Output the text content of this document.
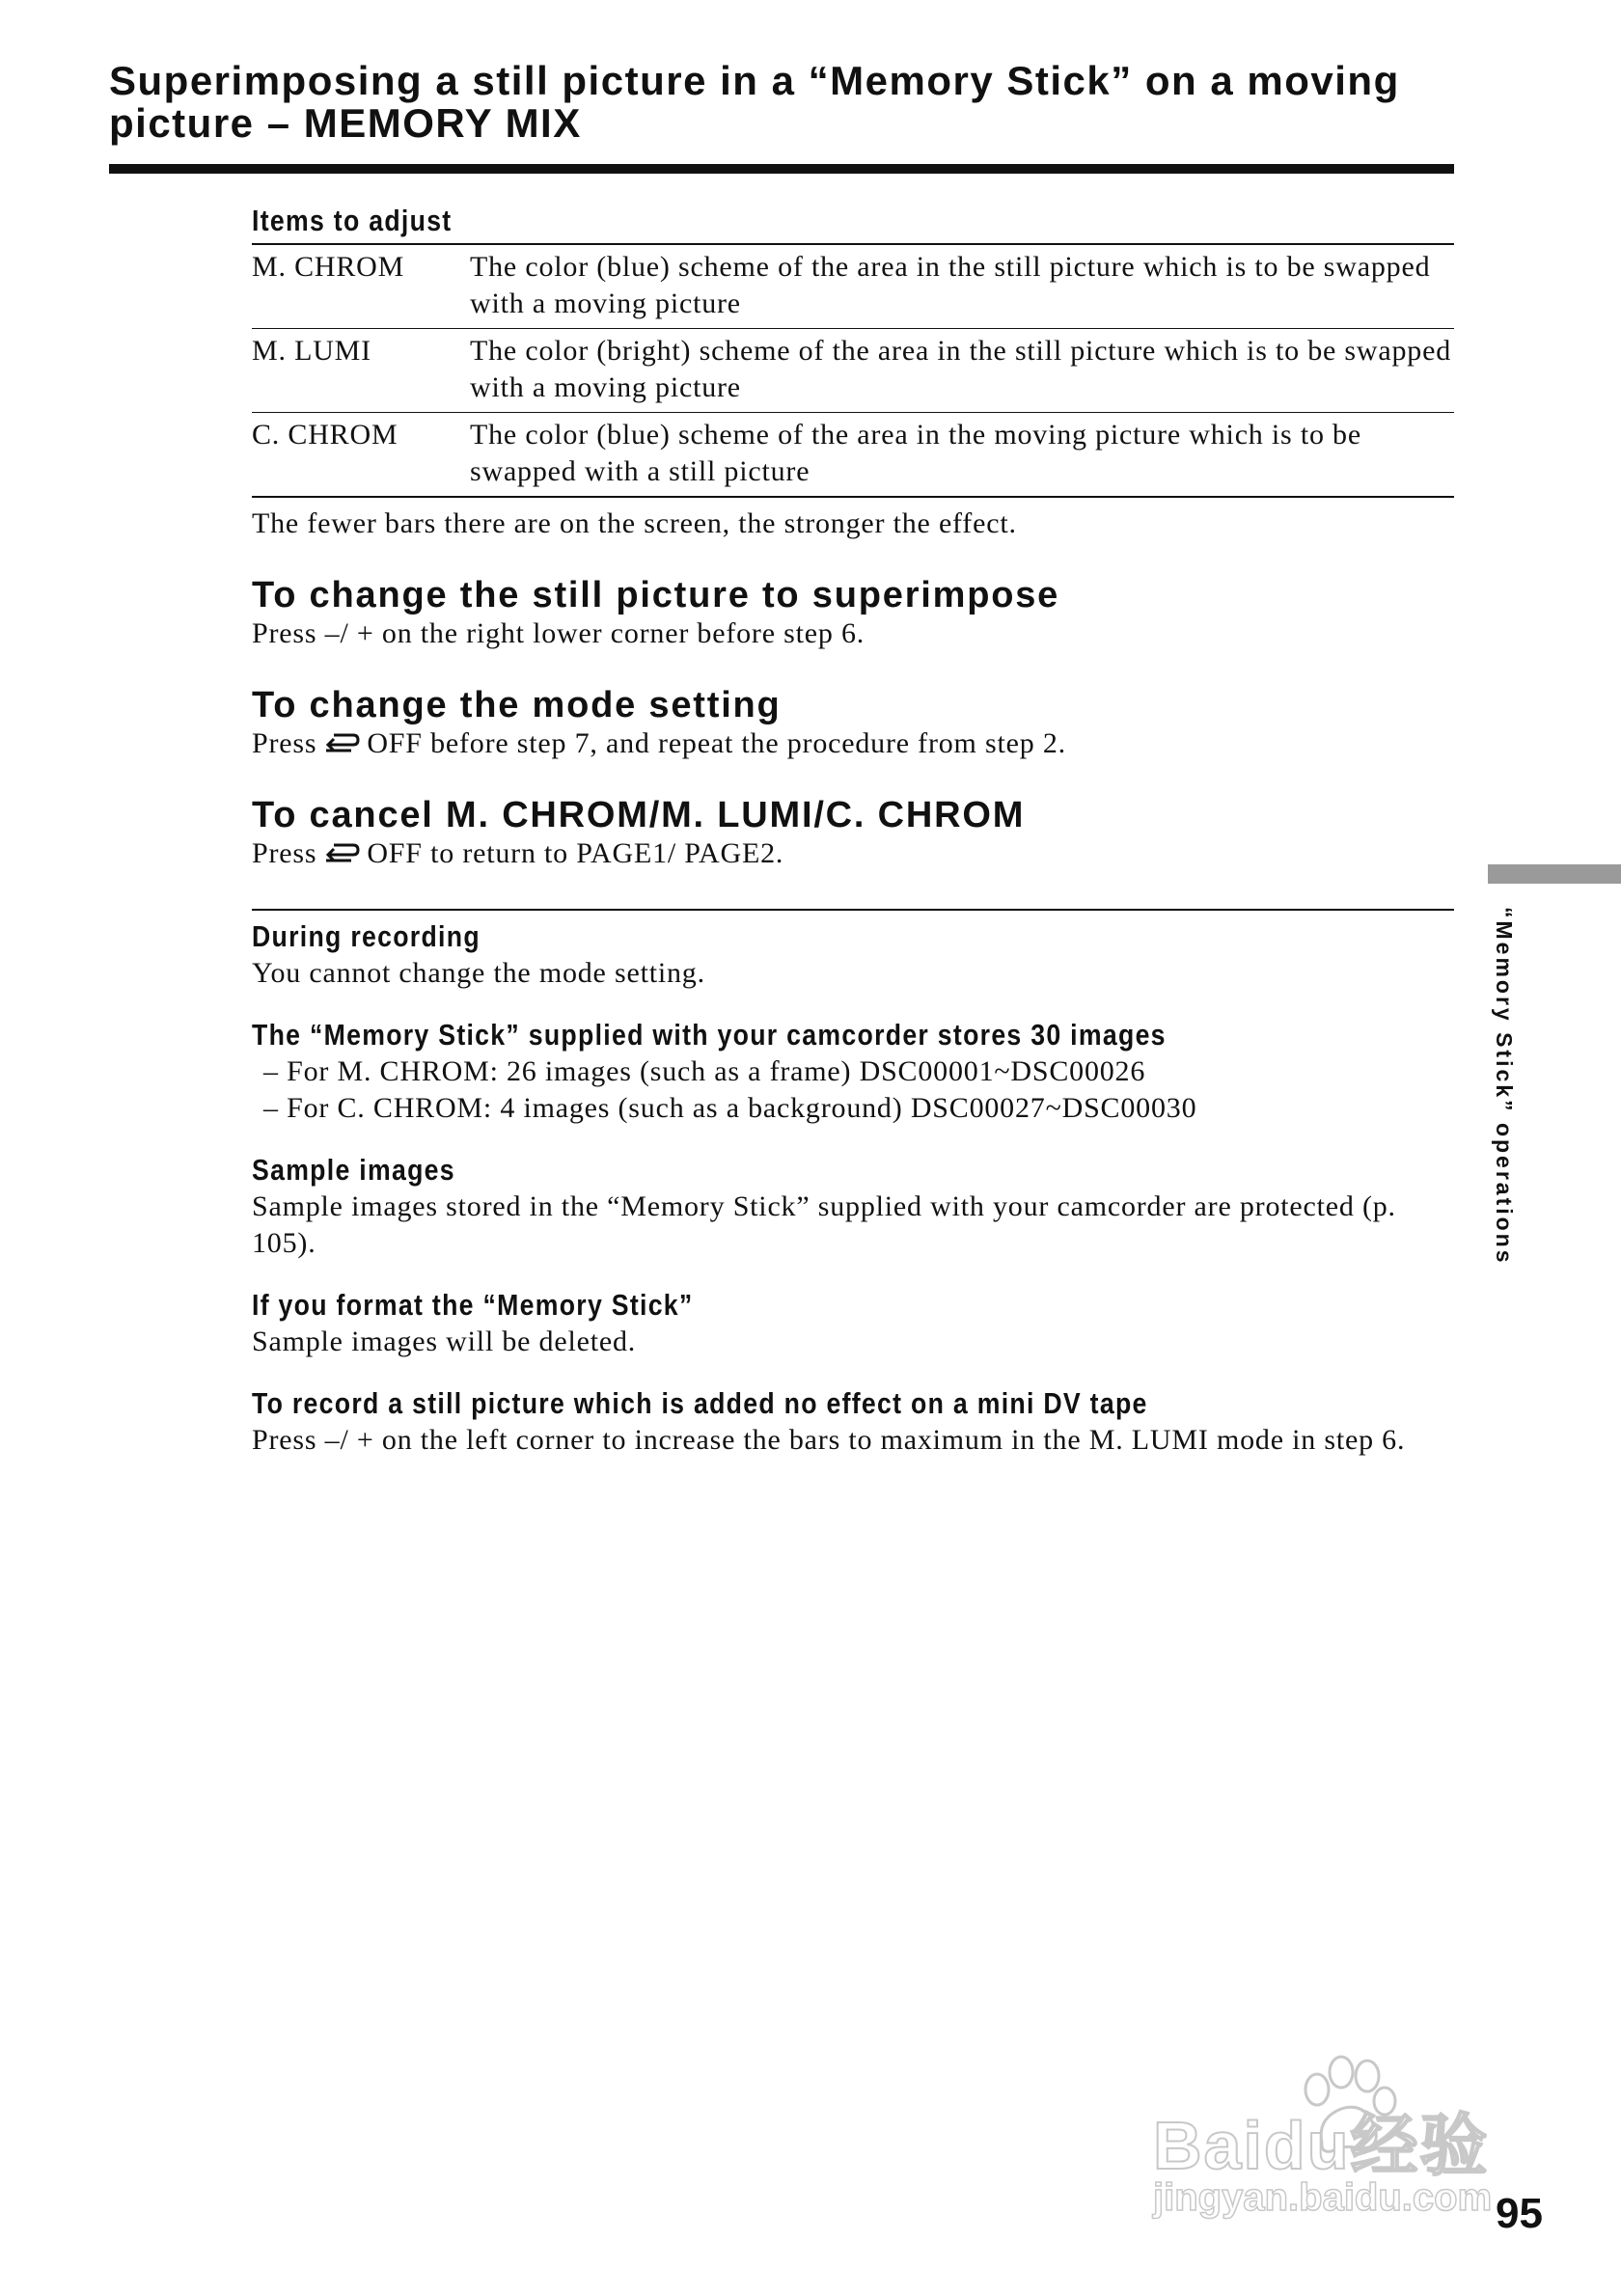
Superimposing a still picture in a “Memory Stick” on a moving picture – MEMORY MIX
Items to adjust
M. CHROM	The color (blue) scheme of the area in the still picture which is to be swapped with a moving picture
M. LUMI	The color (bright) scheme of the area in the still picture which is to be swapped with a moving picture
C. CHROM	The color (blue) scheme of the area in the moving picture which is to be swapped with a still picture

The fewer bars there are on the screen, the stronger the effect.

To change the still picture to superimpose

Press –/ + on the right lower corner before step 6.

To change the mode setting

Press OFF before step 7, and repeat the procedure from step 2.

To cancel M. CHROM/M. LUMI/C. CHROM

Press OFF to return to PAGE1/ PAGE2.

During recording

You cannot change the mode setting.

The “Memory Stick” supplied with your camcorder stores 30 images
– For M. CHROM: 26 images (such as a frame) DSC00001~DSC00026
– For C. CHROM: 4 images (such as a background) DSC00027~DSC00030
Sample images

Sample images stored in the “Memory Stick” supplied with your camcorder are protected (p. 105).

If you format the “Memory Stick”

Sample images will be deleted.

To record a still picture which is added no effect on a mini DV tape

Press –/ + on the left corner to increase the bars to maximum in the M. LUMI mode in step 6.

“Memory Stick” operations
Baidu经验
jingyan.baidu.com 95
